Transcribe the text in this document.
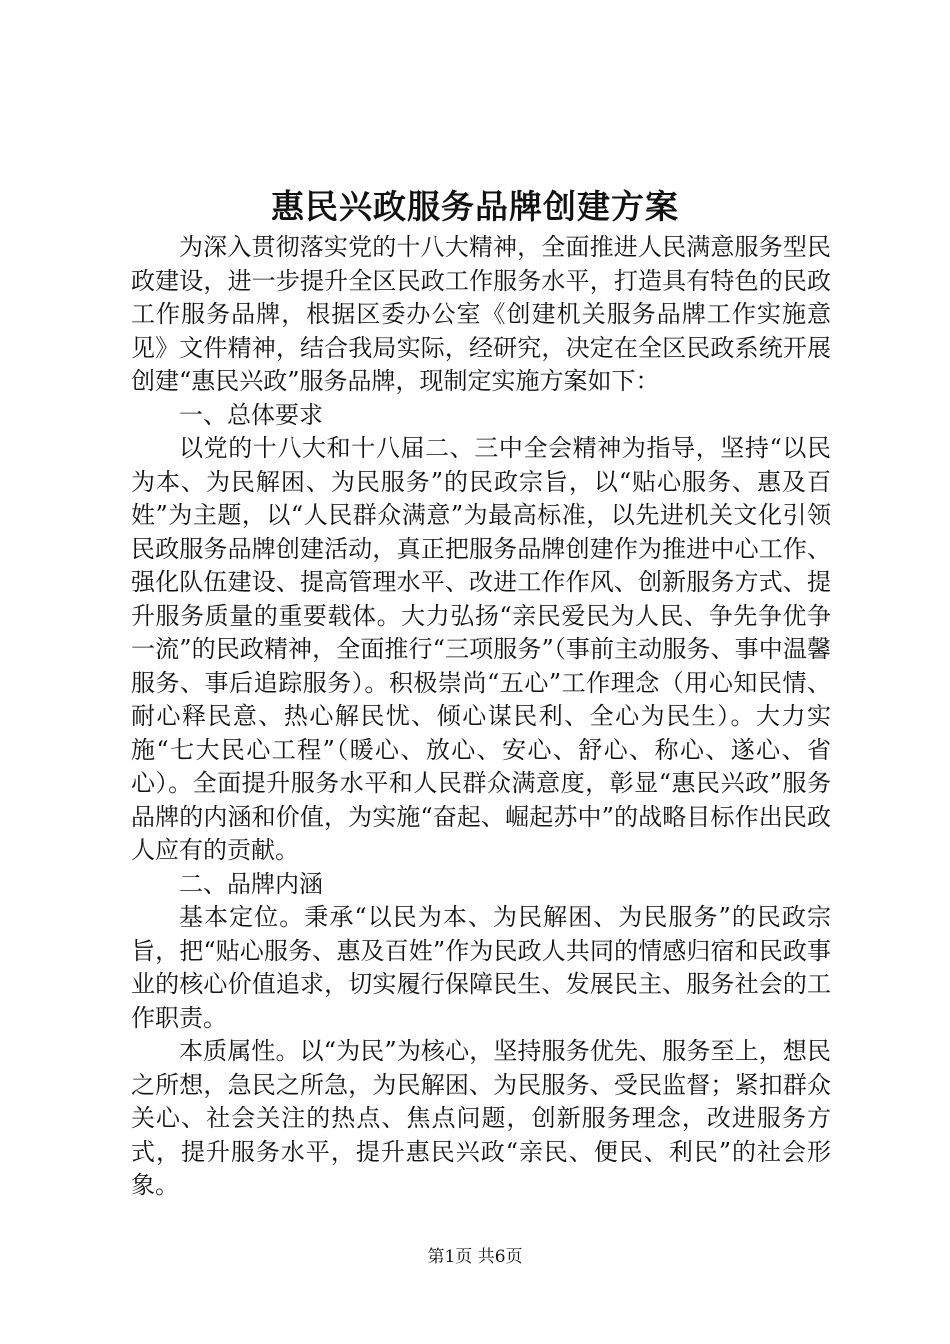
惠民兴政服务品牌创建方案

为深入贯彻落实党的十八大精神，全面推进人民满意服务型民政建设，进一步提升全区民政工作服务水平，打造具有特色的民政工作服务品牌，根据区委办公室《创建机关服务品牌工作实施意见》文件精神，结合我局实际，经研究，决定在全区民政系统开展创建“惠民兴政”服务品牌，现制定实施方案如下：

一、总体要求

以党的十八大和十八届二、三中全会精神为指导，坚持“以民为本、为民解困、为民服务”的民政宗旨，以“贴心服务、惠及百姓”为主题，以“人民群众满意”为最高标准，以先进机关文化引领民政服务品牌创建活动，真正把服务品牌创建作为推进中心工作、强化队伍建设、提高管理水平、改进工作作风、创新服务方式、提升服务质量的重要载体。大力弘扬“亲民爱民为人民、争先争优争一流”的民政精神，全面推行“三项服务”（事前主动服务、事中温馨服务、事后追踪服务）。积极崇尚“五心”工作理念（用心知民情、耐心释民意、热心解民忧、倾心谋民利、全心为民生）。大力实施“七大民心工程”（暖心、放心、安心、舒心、称心、遂心、省心）。全面提升服务水平和人民群众满意度，彰显“惠民兴政”服务品牌的内涵和价值，为实施“奋起、崛起苏中”的战略目标作出民政人应有的贡献。

二、品牌内涵

基本定位。秉承“以民为本、为民解困、为民服务”的民政宗旨，把“贴心服务、惠及百姓”作为民政人共同的情感归宿和民政事业的核心价值追求，切实履行保障民生、发展民主、服务社会的工作职责。

本质属性。以“为民”为核心，坚持服务优先、服务至上，想民之所想，急民之所急，为民解困、为民服务、受民监督；紧扣群众关心、社会关注的热点、焦点问题，创新服务理念，改进服务方式，提升服务水平，提升惠民兴政“亲民、便民、利民”的社会形象。

第1页 共6页
